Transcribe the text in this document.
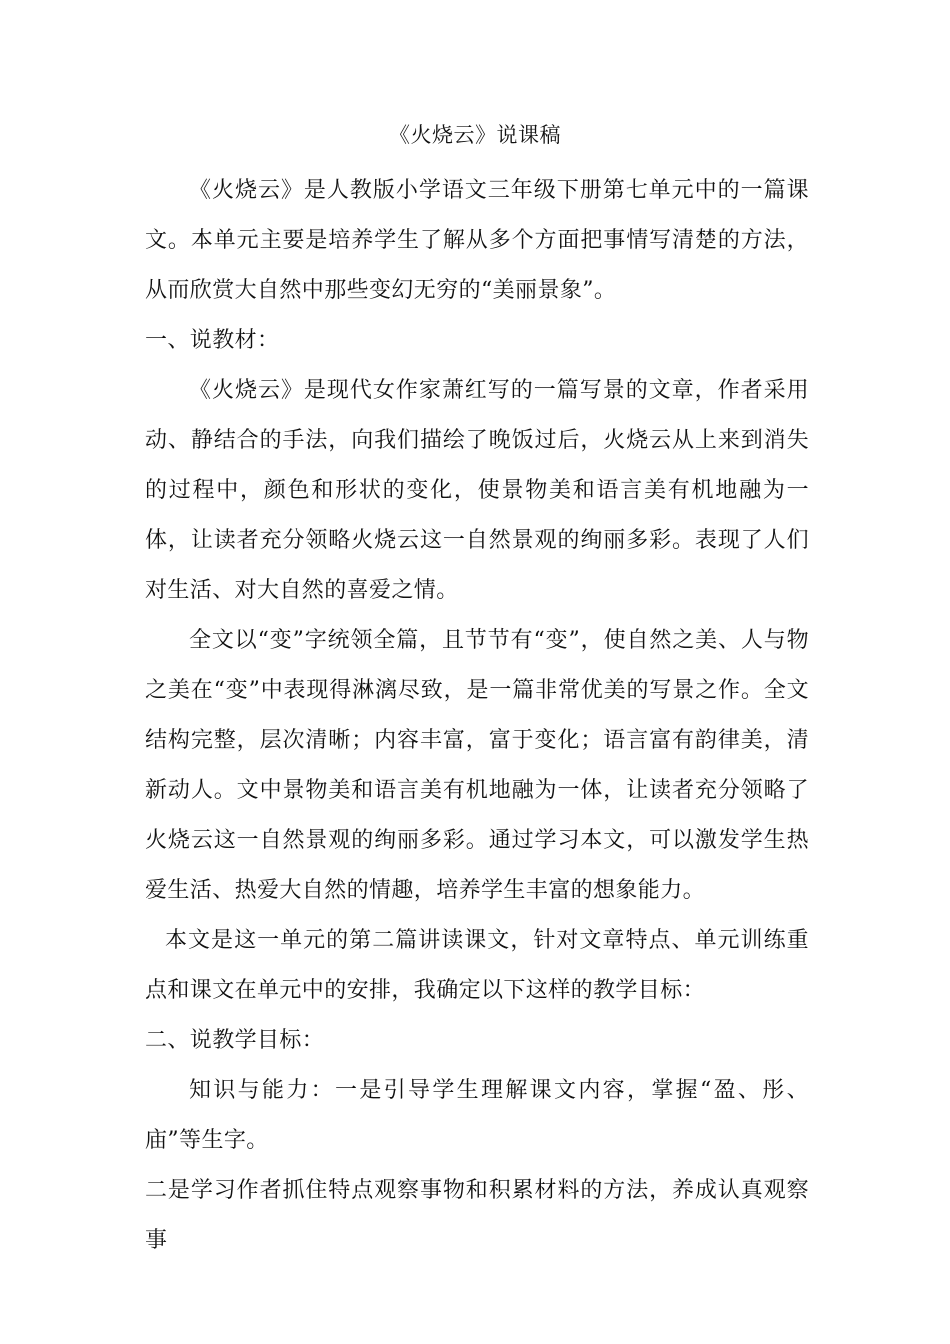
《火烧云》说课稿

《火烧云》是人教版小学语文三年级下册第七单元中的一篇课文。本单元主要是培养学生了解从多个方面把事情写清楚的方法，从而欣赏大自然中那些变幻无穷的“美丽景象”。

一、说教材：

《火烧云》是现代女作家萧红写的一篇写景的文章，作者采用动、静结合的手法，向我们描绘了晚饭过后，火烧云从上来到消失的过程中，颜色和形状的变化，使景物美和语言美有机地融为一体，让读者充分领略火烧云这一自然景观的绚丽多彩。表现了人们对生活、对大自然的喜爱之情。

全文以“变”字统领全篇，且节节有“变”，使自然之美、人与物之美在“变”中表现得淋漓尽致，是一篇非常优美的写景之作。全文结构完整，层次清晰；内容丰富，富于变化；语言富有韵律美，清新动人。文中景物美和语言美有机地融为一体，让读者充分领略了火烧云这一自然景观的绚丽多彩。通过学习本文，可以激发学生热爱生活、热爱大自然的情趣，培养学生丰富的想象能力。

本文是这一单元的第二篇讲读课文，针对文章特点、单元训练重点和课文在单元中的安排，我确定以下这样的教学目标：

二、说教学目标：

知识与能力：一是引导学生理解课文内容，掌握“盈、彤、庙”等生字。

二是学习作者抓住特点观察事物和积累材料的方法，养成认真观察事
